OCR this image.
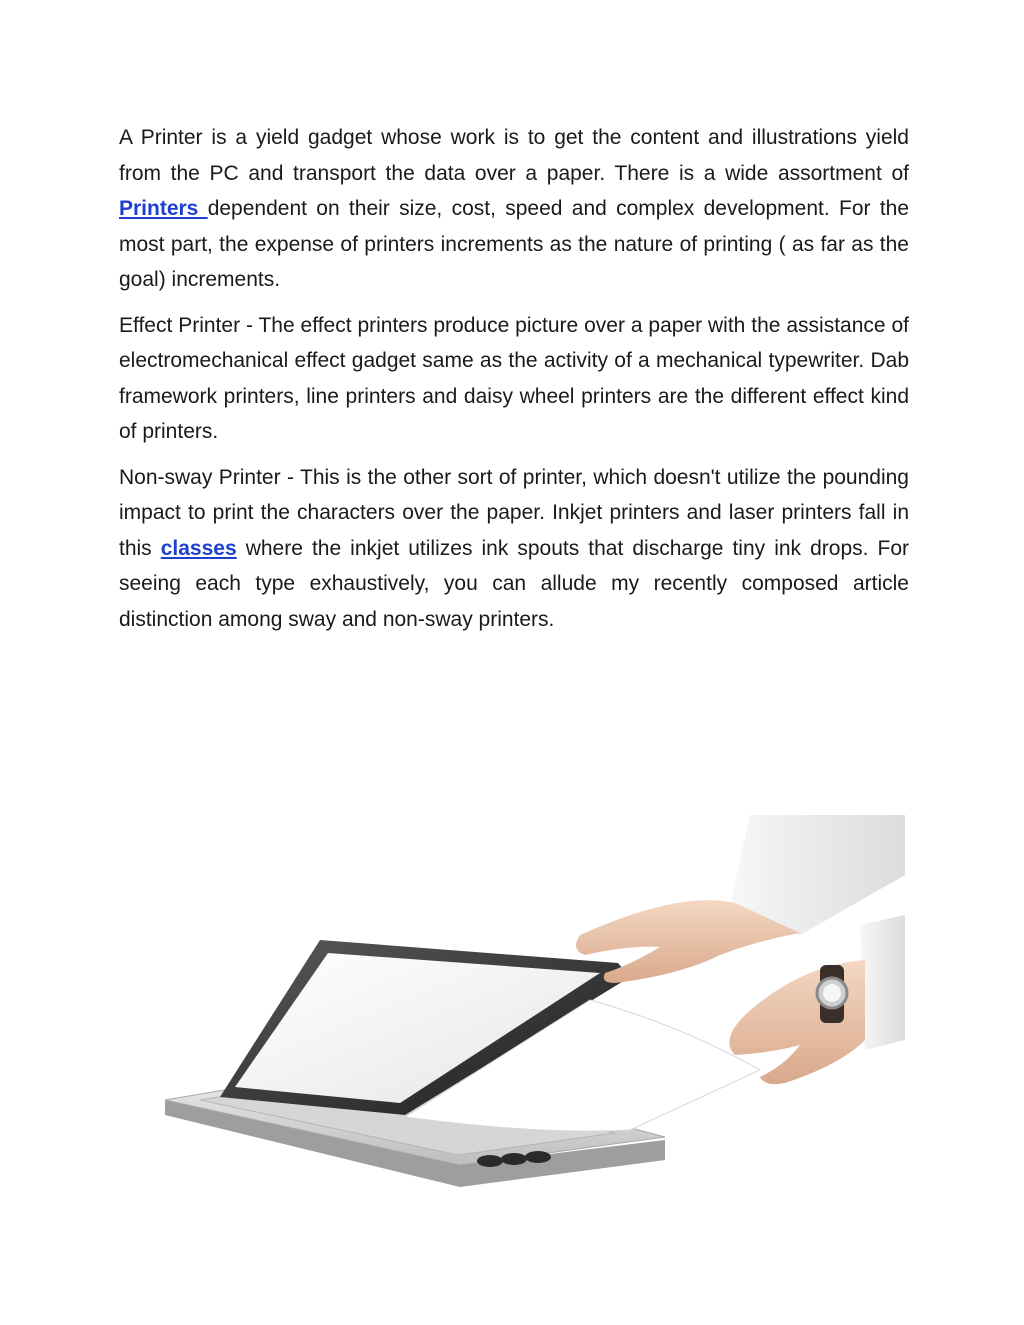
A Printer is a yield gadget whose work is to get the content and illustrations yield from the PC and transport the data over a paper. There is a wide assortment of Printers dependent on their size, cost, speed and complex development. For the most part, the expense of printers increments as the nature of printing ( as far as the goal) increments.

Effect Printer - The effect printers produce picture over a paper with the assistance of electromechanical effect gadget same as the activity of a mechanical typewriter. Dab framework printers, line printers and daisy wheel printers are the different effect kind of printers.

Non-sway Printer - This is the other sort of printer, which doesn't utilize the pounding impact to print the characters over the paper. Inkjet printers and laser printers fall in this classes where the inkjet utilizes ink spouts that discharge tiny ink drops. For seeing each type exhaustively, you can allude my recently composed article distinction among sway and non-sway printers.
